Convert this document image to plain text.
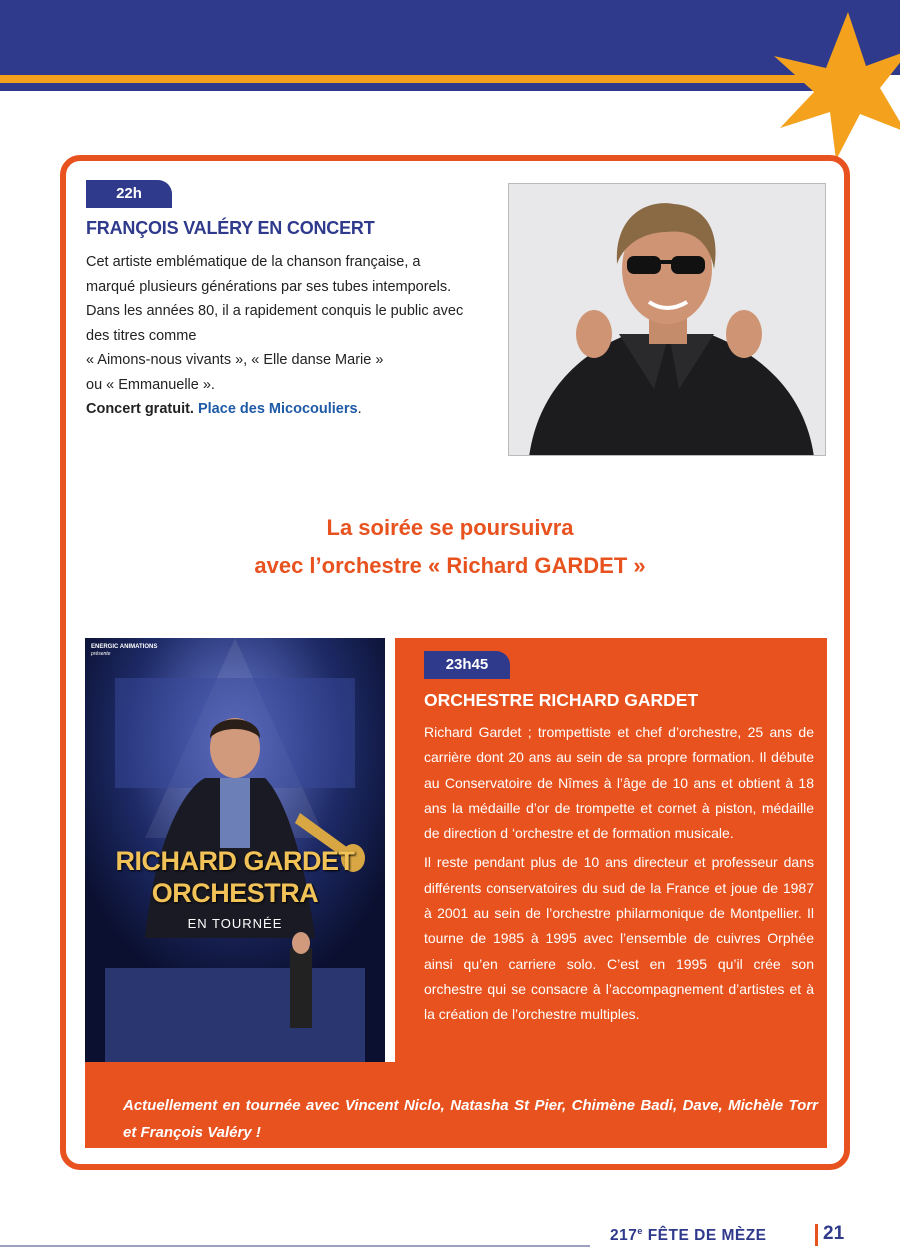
22h
FRANÇOIS VALÉRY EN CONCERT
Cet artiste emblématique de la chanson française, a
marqué plusieurs générations par ses tubes intemporels.
Dans les années 80, il a rapidement conquis le public avec
des titres comme
« Aimons-nous vivants », « Elle danse Marie »
ou « Emmanuelle ».
Concert gratuit. Place des Micocouliers.
La soirée se poursuivra
avec l’orchestre « Richard GARDET »
ENERGIC ANIMATIONS
présente
RICHARD GARDET
ORCHESTRA
EN TOURNÉE
23h45
ORCHESTRE RICHARD GARDET

Richard Gardet ; trompettiste et chef d’orchestre, 25 ans de carrière dont 20 ans au sein de sa propre formation. Il débute au Conservatoire de Nîmes à l’âge de 10 ans et obtient à 18 ans la médaille d’or de trompette et cornet à piston, médaille de direction d ‘orchestre et de formation musicale.

Il reste pendant plus de 10 ans directeur et professeur dans différents conservatoires du sud de la France et joue de 1987 à 2001 au sein de l’orchestre philarmonique de Montpellier. Il tourne de 1985 à 1995 avec l’ensemble de cuivres Orphée ainsi qu’en carriere solo. C’est en 1995 qu’il crée son orchestre qui se consacre à l’accompagnement d’artistes et à la création de l’orchestre multiples.

Actuellement en tournée avec Vincent Niclo, Natasha St Pier, Chimène Badi, Dave, Michèle Torr et François Valéry !
217e FÊTE DE MÈZE	21
